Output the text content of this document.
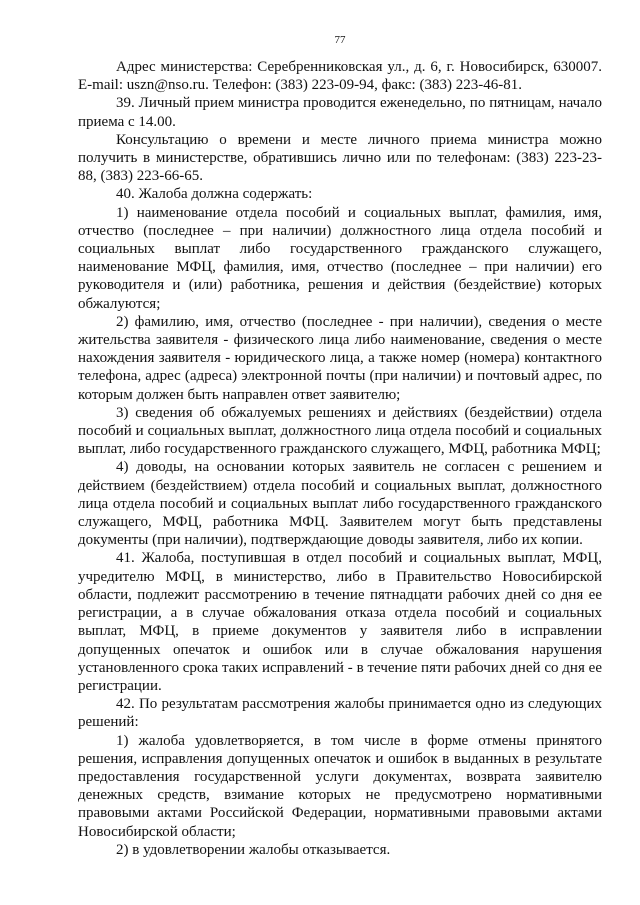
77

Адрес министерства: Серебренниковская ул., д. 6, г. Новосибирск, 630007. E-mail: uszn@nso.ru. Телефон: (383) 223-09-94, факс: (383) 223-46-81.

39. Личный прием министра проводится еженедельно, по пятницам, начало приема с 14.00.

Консультацию о времени и месте личного приема министра можно получить в министерстве, обратившись лично или по телефонам: (383) 223-23-88, (383) 223-66-65.

40. Жалоба должна содержать:

1) наименование отдела пособий и социальных выплат, фамилия, имя, отчество (последнее – при наличии) должностного лица отдела пособий и социальных выплат либо государственного гражданского служащего, наименование МФЦ, фамилия, имя, отчество (последнее – при наличии) его руководителя и (или) работника, решения и действия (бездействие) которых обжалуются;

2) фамилию, имя, отчество (последнее - при наличии), сведения о месте жительства заявителя - физического лица либо наименование, сведения о месте нахождения заявителя - юридического лица, а также номер (номера) контактного телефона, адрес (адреса) электронной почты (при наличии) и почтовый адрес, по которым должен быть направлен ответ заявителю;

3) сведения об обжалуемых решениях и действиях (бездействии) отдела пособий и социальных выплат, должностного лица отдела пособий и социальных выплат, либо государственного гражданского служащего, МФЦ, работника МФЦ;

4) доводы, на основании которых заявитель не согласен с решением и действием (бездействием) отдела пособий и социальных выплат, должностного лица отдела пособий и социальных выплат либо государственного гражданского служащего, МФЦ, работника МФЦ. Заявителем могут быть представлены документы (при наличии), подтверждающие доводы заявителя, либо их копии.

41. Жалоба, поступившая в отдел пособий и социальных выплат, МФЦ, учредителю МФЦ, в министерство, либо в Правительство Новосибирской области, подлежит рассмотрению в течение пятнадцати рабочих дней со дня ее регистрации, а в случае обжалования отказа отдела пособий и социальных выплат, МФЦ, в приеме документов у заявителя либо в исправлении допущенных опечаток и ошибок или в случае обжалования нарушения установленного срока таких исправлений - в течение пяти рабочих дней со дня ее регистрации.

42. По результатам рассмотрения жалобы принимается одно из следующих решений:

1) жалоба удовлетворяется, в том числе в форме отмены принятого решения, исправления допущенных опечаток и ошибок в выданных в результате предоставления государственной услуги документах, возврата заявителю денежных средств, взимание которых не предусмотрено нормативными правовыми актами Российской Федерации, нормативными правовыми актами Новосибирской области;

2) в удовлетворении жалобы отказывается.
